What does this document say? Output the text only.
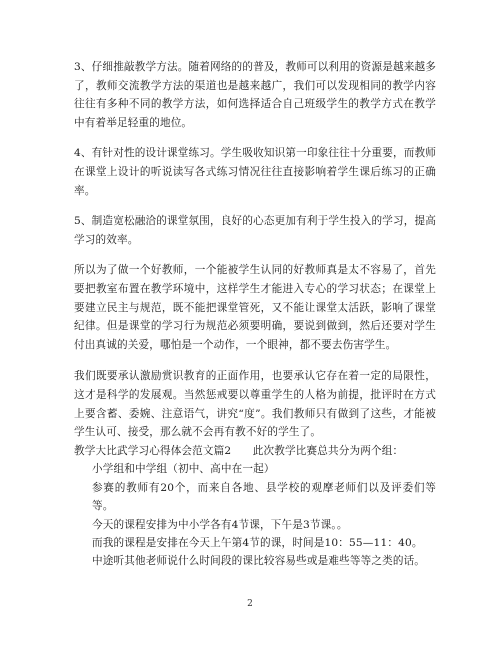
3、仔细推敲教学方法。随着网络的的普及，教师可以利用的资源是越来越多了，教师交流教学方法的渠道也是越来越广，我们可以发现相同的教学内容往往有多种不同的教学方法，如何选择适合自己班级学生的教学方式在教学中有着举足轻重的地位。

4、有针对性的设计课堂练习。学生吸收知识第一印象往往十分重要，而教师在课堂上设计的听说读写各式练习情况往往直接影响着学生课后练习的正确率。

5、制造宽松融洽的课堂氛围，良好的心态更加有利于学生投入的学习，提高学习的效率。

所以为了做一个好教师，一个能被学生认同的好教师真是太不容易了，首先要把教室布置在教学环境中，这样学生才能进入专心的学习状态；在课堂上要建立民主与规范，既不能把课堂管死，又不能让课堂太活跃，影响了课堂纪律。但是课堂的学习行为规范必须要明确，要说到做到，然后还要对学生付出真诚的关爱，哪怕是一个动作，一个眼神，都不要去伤害学生。

我们既要承认激励赏识教育的正面作用，也要承认它存在着一定的局限性，这才是科学的发展观。当然惩戒要以尊重学生的人格为前提，批评时在方式上要含蓄、委婉、注意语气，讲究“度”。我们教师只有做到了这些，才能被学生认可、接受，那么就不会再有教不好的学生了。

教学大比武学习心得体会范文篇2　　此次教学比赛总共分为两个组：

小学组和中学组（初中、高中在一起）

参赛的教师有20个，而来自各地、县学校的观摩老师们以及评委们等等。

今天的课程安排为中小学各有4节课，下午是3节课。。

而我的课程是安排在今天上午第4节的课，时间是10：55—11：40。

中途听其他老师说什么时间段的课比较容易些或是难些等等之类的话。

2
